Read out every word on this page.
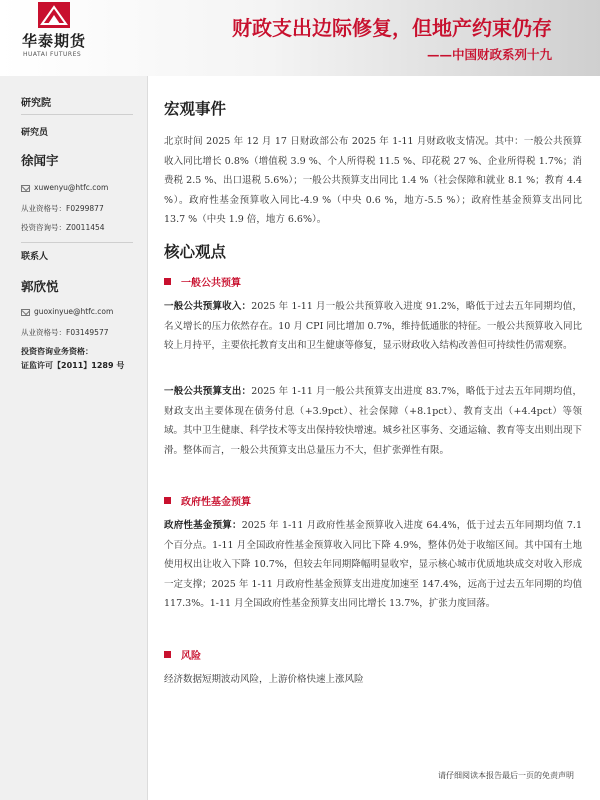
华泰期货
HUATAI FUTURES
财政支出边际修复，但地产约束仍存
——中国财政系列十九
研究院
研究员
徐闻宇
xuwenyu@htfc.com
从业资格号：F0299877
投资咨询号：Z0011454
联系人
郭欣悦
guoxinyue@htfc.com
从业资格号：F03149577
投资咨询业务资格：
证监许可【2011】1289 号
宏观事件
北京时间 2025 年 12 月 17 日财政部公布 2025 年 1-11 月财政收支情况。其中：一般公共预算收入同比增长 0.8%（增值税 3.9 %、个人所得税 11.5 %、印花税 27 %、企业所得税 1.7%；消费税 2.5 %、出口退税 5.6%）；一般公共预算支出同比 1.4 %（社会保障和就业 8.1 %；教育 4.4 %）。政府性基金预算收入同比-4.9 %（中央 0.6 %，地方-5.5 %）；政府性基金预算支出同比 13.7 %（中央 1.9 倍，地方 6.6%）。
核心观点
一般公共预算
一般公共预算收入：2025 年 1-11 月一般公共预算收入进度 91.2%，略低于过去五年同期均值，名义增长的压力依然存在。10 月 CPI 同比增加 0.7%，维持低通胀的特征。一般公共预算收入同比较上月持平，主要依托教育支出和卫生健康等修复，显示财政收入结构改善但可持续性仍需观察。
一般公共预算支出：2025 年 1-11 月一般公共预算支出进度 83.7%，略低于过去五年同期均值，财政支出主要体现在债务付息（+3.9pct）、社会保障（+8.1pct）、教育支出（+4.4pct）等领域。其中卫生健康、科学技术等支出保持较快增速。城乡社区事务、交通运输、教育等支出则出现下滑。整体而言，一般公共预算支出总量压力不大，但扩张弹性有限。
政府性基金预算
政府性基金预算：2025 年 1-11 月政府性基金预算收入进度 64.4%，低于过去五年同期均值 7.1 个百分点。1-11 月全国政府性基金预算收入同比下降 4.9%，整体仍处于收缩区间。其中国有土地使用权出让收入下降 10.7%，但较去年同期降幅明显收窄，显示核心城市优质地块成交对收入形成一定支撑；2025 年 1-11 月政府性基金预算支出进度加速至 147.4%，远高于过去五年同期的均值 117.3%。1-11 月全国政府性基金预算支出同比增长 13.7%，扩张力度回落。
风险
经济数据短期波动风险，上游价格快速上涨风险
请仔细阅读本报告最后一页的免责声明
